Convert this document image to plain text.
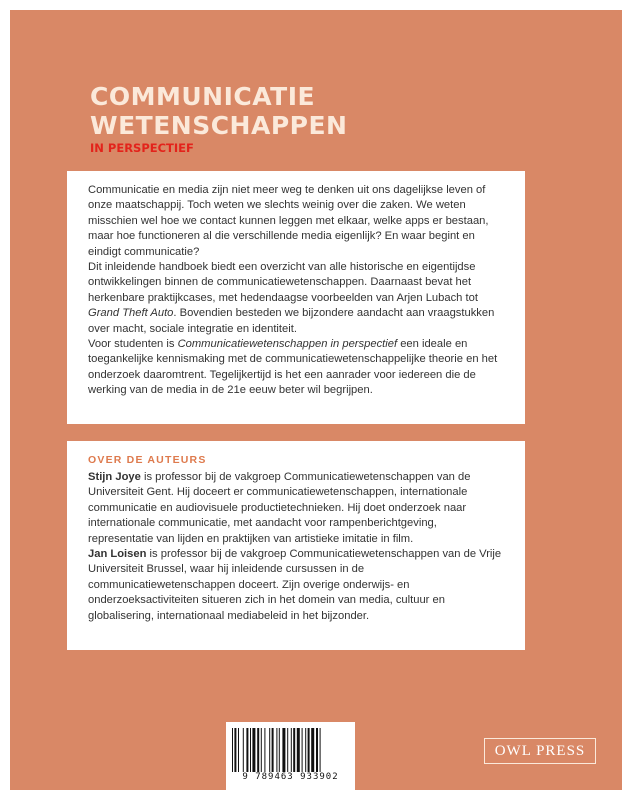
COMMUNICATIE
WETENSCHAPPEN
IN PERSPECTIEF

Communicatie en media zijn niet meer weg te denken uit ons dagelijkse leven of onze maatschappij. Toch weten we slechts weinig over die zaken. We weten misschien wel hoe we contact kunnen leggen met elkaar, welke apps er bestaan, maar hoe functioneren al die verschillende media eigenlijk? En waar begint en eindigt communicatie?

Dit inleidende handboek biedt een overzicht van alle historische en eigentijdse ontwikkelingen binnen de communicatiewetenschappen. Daarnaast bevat het herkenbare praktijkcases, met hedendaagse voorbeelden van Arjen Lubach tot Grand Theft Auto. Bovendien besteden we bijzondere aandacht aan vraagstukken over macht, sociale integratie en identiteit.

Voor studenten is Communicatiewetenschappen in perspectief een ideale en toegankelijke kennismaking met de communicatiewetenschappelijke theorie en het onderzoek daaromtrent. Tegelijkertijd is het een aanrader voor iedereen die de werking van de media in de 21e eeuw beter wil begrijpen.

OVER DE AUTEURS

Stijn Joye is professor bij de vakgroep Communicatiewetenschappen van de Universiteit Gent. Hij doceert er communicatiewetenschappen, internationale communicatie en audiovisuele productietechnieken. Hij doet onderzoek naar internationale communicatie, met aandacht voor rampenberichtgeving, representatie van lijden en praktijken van artistieke imitatie in film.

Jan Loisen is professor bij de vakgroep Communicatiewetenschappen van de Vrije Universiteit Brussel, waar hij inleidende cursussen in de communicatiewetenschappen doceert. Zijn overige onderwijs- en onderzoeksactiviteiten situeren zich in het domein van media, cultuur en globalisering, internationaal mediabeleid in het bijzonder.

9 789463 933902
OWL PRESS
